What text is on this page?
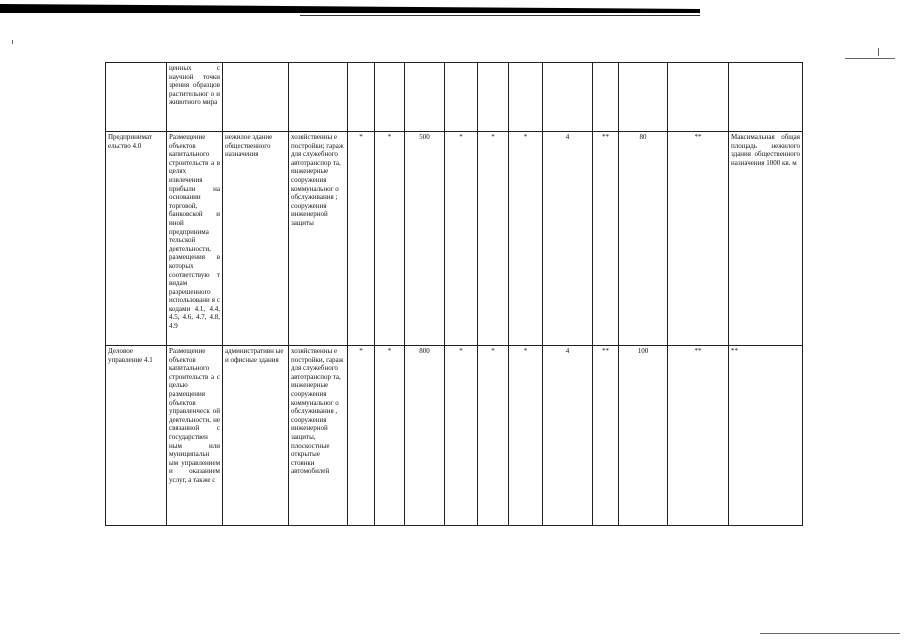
	ценных с научной точки зрения образцов растительног о и животного мира													
Предпринимат ельство 4.0	Размещение объектов капитального строительств а в целях извлечения прибыли на основании торговой, банковской и иной предпринима тельской деятельности, размещения в которых соответствую т видам разрешенного использовани я с кодами 4.1, 4.4, 4.5, 4.6, 4.7, 4.8, 4.9	нежилое здание общественного назначения	хозяйственны е постройки; гараж для служебного автотранспор та, инженерные сооружения коммунальног о обслуживания ; сооружения инженерной защиты	*	*	500	*	*	*	4	**	80	**	Максимальная общая площадь нежилого здания общественного назначения 1000 кв. м
Деловое управление 4.1	Размещение объектов капитального строительств а с целью размещения объектов управленческ ой деятельности, не связанной с государствен ным или муниципальн ым управлением и оказанием услуг, а также с	административн ые и офисные здания	хозяйственны е постройки, гараж для служебного автотранспор та, инженерные сооружения коммунальног о обслуживания , сооружения инженерной защиты, плоскостные открытые стоянки автомобилей	*	*	800	*	*	*	4	**	100	**	**
